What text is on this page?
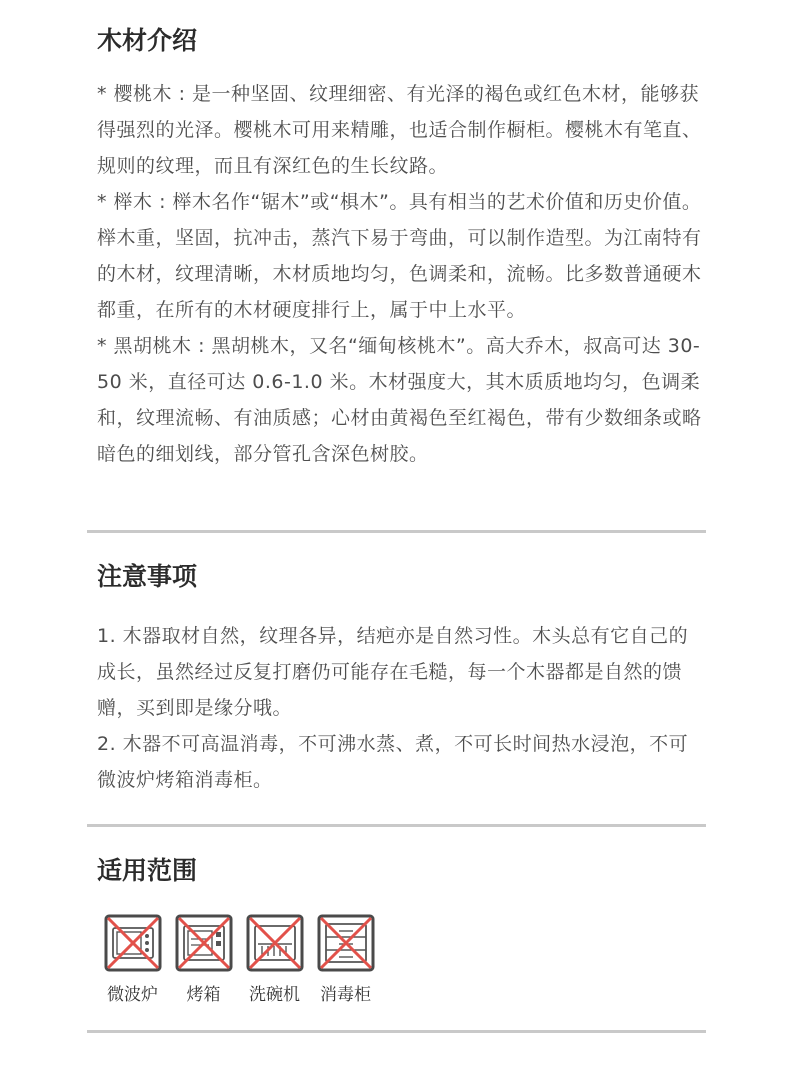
木材介绍

* 樱桃木 : 是一种坚固、纹理细密、有光泽的褐色或红色木材，能够获得强烈的光泽。樱桃木可用来精雕，也适合制作橱柜。樱桃木有笔直、规则的纹理，而且有深红色的生长纹路。

* 榉木 : 榉木名作“锯木”或“椇木”。具有相当的艺术价值和历史价值。榉木重，坚固，抗冲击，蒸汽下易于弯曲，可以制作造型。为江南特有的木材，纹理清晰，木材质地均匀，色调柔和，流畅。比多数普通硬木都重，在所有的木材硬度排行上，属于中上水平。

* 黑胡桃木 : 黑胡桃木，又名“缅甸核桃木”。高大乔木，叔高可达 30-50 米，直径可达 0.6-1.0 米。木材强度大，其木质质地均匀，色调柔和，纹理流畅、有油质感；心材由黄褐色至红褐色，带有少数细条或略暗色的细划线，部分管孔含深色树胶。

注意事项

1. 木器取材自然，纹理各异，结疤亦是自然习性。木头总有它自己的成长，虽然经过反复打磨仍可能存在毛糙，每一个木器都是自然的馈赠，买到即是缘分哦。

2. 木器不可高温消毒，不可沸水蒸、煮，不可长时间热水浸泡，不可微波炉烤箱消毒柜。

适用范围
微波炉 烤箱 洗碗机 消毒柜
